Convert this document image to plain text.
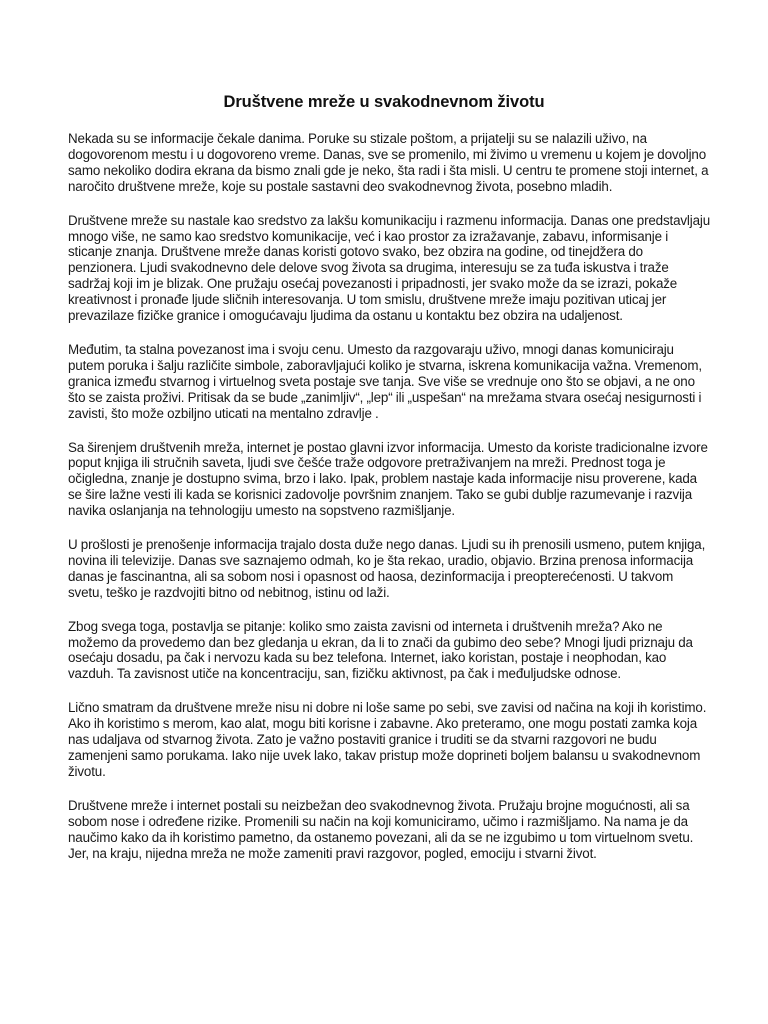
Društvene mreže u svakodnevnom životu

Nekada su se informacije čekale danima. Poruke su stizale poštom, a prijatelji su se nalazili uživo, na dogovorenom mestu i u dogovoreno vreme. Danas, sve se promenilo, mi živimo u vremenu u kojem je dovoljno samo nekoliko dodira ekrana da bismo znali gde je neko, šta radi i šta misli. U centru te promene stoji internet, a naročito društvene mreže, koje su postale sastavni deo svakodnevnog života, posebno mladih.

Društvene mreže su nastale kao sredstvo za lakšu komunikaciju i razmenu informacija. Danas one predstavljaju mnogo više, ne samo kao sredstvo komunikacije, već i kao prostor za izražavanje, zabavu, informisanje i sticanje znanja. Društvene mreže danas koristi gotovo svako, bez obzira na godine, od tinejdžera do penzionera. Ljudi svakodnevno dele delove svog života sa drugima, interesuju se za tuđa iskustva i traže sadržaj koji im je blizak. One pružaju osećaj povezanosti i pripadnosti, jer svako može da se izrazi, pokaže kreativnost i pronađe ljude sličnih interesovanja. U tom smislu, društvene mreže imaju pozitivan uticaj jer prevazilaze fizičke granice i omogućavaju ljudima da ostanu u kontaktu bez obzira na udaljenost.

Međutim, ta stalna povezanost ima i svoju cenu. Umesto da razgovaraju uživo, mnogi danas komuniciraju putem poruka i šalju različite simbole, zaboravljajući koliko je stvarna, iskrena komunikacija važna. Vremenom, granica između stvarnog i virtuelnog sveta postaje sve tanja. Sve više se vrednuje ono što se objavi, a ne ono što se zaista proživi. Pritisak da se bude „zanimljiv“, „lep“ ili „uspešan“ na mrežama stvara osećaj nesigurnosti i zavisti, što može ozbiljno uticati na mentalno zdravlje .

Sa širenjem društvenih mreža, internet je postao glavni izvor informacija. Umesto da koriste tradicionalne izvore poput knjiga ili stručnih saveta, ljudi sve češće traže odgovore pretraživanjem na mreži. Prednost toga je očigledna, znanje je dostupno svima, brzo i lako. Ipak, problem nastaje kada informacije nisu proverene, kada se šire lažne vesti ili kada se korisnici zadovolje površnim znanjem. Tako se gubi dublje razumevanje i razvija navika oslanjanja na tehnologiju umesto na sopstveno razmišljanje.

U prošlosti je prenošenje informacija trajalo dosta duže nego danas. Ljudi su ih prenosili usmeno, putem knjiga, novina ili televizije. Danas sve saznajemo odmah, ko je šta rekao, uradio, objavio. Brzina prenosa informacija danas je fascinantna, ali sa sobom nosi i opasnost od haosa, dezinformacija i preopterećenosti. U takvom svetu, teško je razdvojiti bitno od nebitnog, istinu od laži.

Zbog svega toga, postavlja se pitanje: koliko smo zaista zavisni od interneta i društvenih mreža? Ako ne možemo da provedemo dan bez gledanja u ekran, da li to znači da gubimo deo sebe? Mnogi ljudi priznaju da osećaju dosadu, pa čak i nervozu kada su bez telefona. Internet, iako koristan, postaje i neophodan, kao vazduh. Ta zavisnost utiče na koncentraciju, san, fizičku aktivnost, pa čak i međuljudske odnose.

Lično smatram da društvene mreže nisu ni dobre ni loše same po sebi, sve zavisi od načina na koji ih koristimo. Ako ih koristimo s merom, kao alat, mogu biti korisne i zabavne. Ako preteramo, one mogu postati zamka koja nas udaljava od stvarnog života. Zato je važno postaviti granice i truditi se da stvarni razgovori ne budu zamenjeni samo porukama. Iako nije uvek lako, takav pristup može doprineti boljem balansu u svakodnevnom životu.

Društvene mreže i internet postali su neizbežan deo svakodnevnog života. Pružaju brojne mogućnosti, ali sa sobom nose i određene rizike. Promenili su način na koji komuniciramo, učimo i razmišljamo. Na nama je da naučimo kako da ih koristimo pametno, da ostanemo povezani, ali da se ne izgubimo u tom virtuelnom svetu. Jer, na kraju, nijedna mreža ne može zameniti pravi razgovor, pogled, emociju i stvarni život.
